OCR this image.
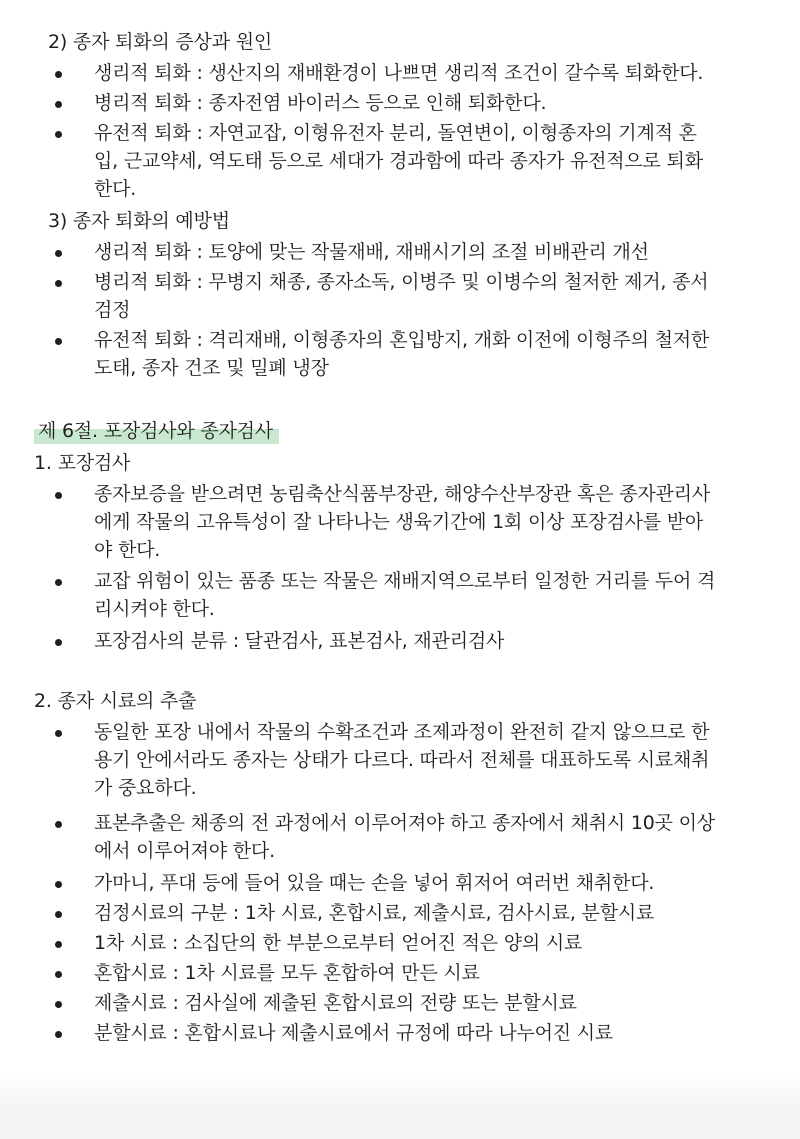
2) 종자 퇴화의 증상과 원인
생리적 퇴화 : 생산지의 재배환경이 나쁘면 생리적 조건이 갈수록 퇴화한다.
병리적 퇴화 : 종자전염 바이러스 등으로 인해 퇴화한다.
유전적 퇴화 : 자연교잡, 이형유전자 분리, 돌연변이, 이형종자의 기계적 혼
입, 근교약세, 역도태 등으로 세대가 경과함에 따라 종자가 유전적으로 퇴화
한다.
3) 종자 퇴화의 예방법
생리적 퇴화 : 토양에 맞는 작물재배, 재배시기의 조절 비배관리 개선
병리적 퇴화 : 무병지 채종, 종자소독, 이병주 및 이병수의 철저한 제거, 종서
검정
유전적 퇴화 : 격리재배, 이형종자의 혼입방지, 개화 이전에 이형주의 철저한
도태, 종자 건조 및 밀폐 냉장
제 6절. 포장검사와 종자검사
1. 포장검사
종자보증을 받으려면 농림축산식품부장관, 해양수산부장관 혹은 종자관리사
에게 작물의 고유특성이 잘 나타나는 생육기간에 1회 이상 포장검사를 받아
야 한다.
교잡 위험이 있는 품종 또는 작물은 재배지역으로부터 일정한 거리를 두어 격
리시켜야 한다.
포장검사의 분류 : 달관검사, 표본검사, 재관리검사
2. 종자 시료의 추출
동일한 포장 내에서 작물의 수확조건과 조제과정이 완전히 같지 않으므로 한
용기 안에서라도 종자는 상태가 다르다. 따라서 전체를 대표하도록 시료채취
가 중요하다.
표본추출은 채종의 전 과정에서 이루어져야 하고 종자에서 채취시 10곳 이상
에서 이루어져야 한다.
가마니, 푸대 등에 들어 있을 때는 손을 넣어 휘저어 여러번 채취한다.
검정시료의 구분 : 1차 시료, 혼합시료, 제출시료, 검사시료, 분할시료
1차 시료 : 소집단의 한 부분으로부터 얻어진 적은 양의 시료
혼합시료 : 1차 시료를 모두 혼합하여 만든 시료
제출시료 : 검사실에 제출된 혼합시료의 전량 또는 분할시료
분할시료 : 혼합시료나 제출시료에서 규정에 따라 나누어진 시료
